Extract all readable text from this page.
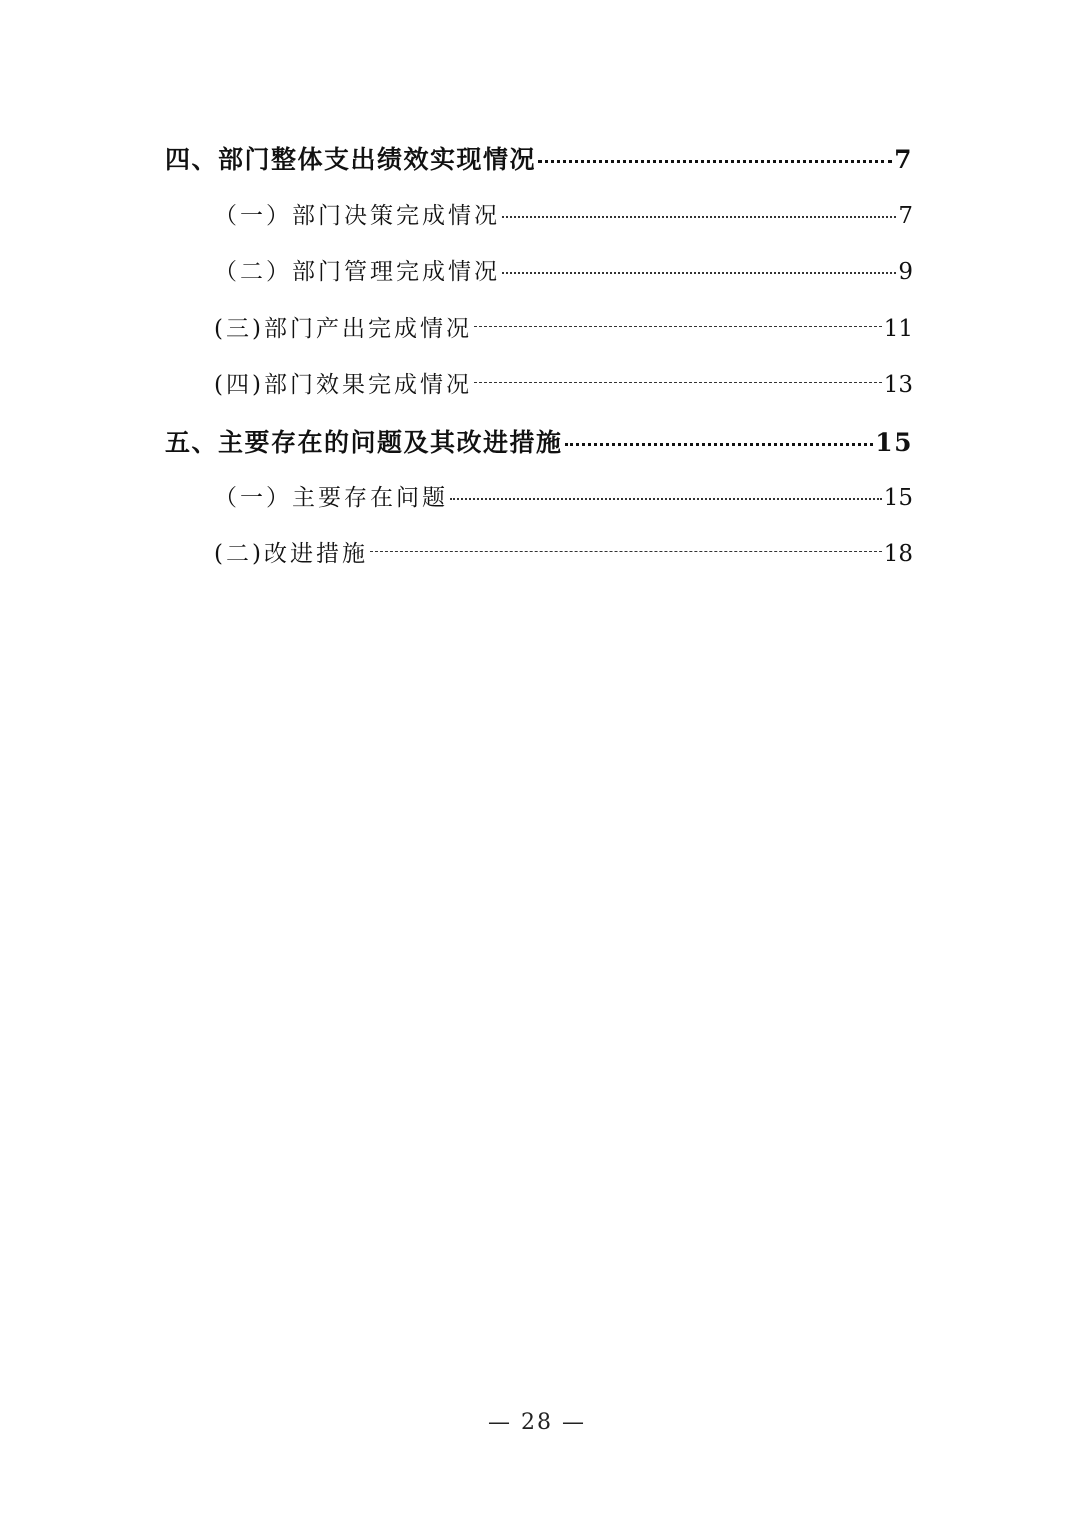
四、部门整体支出绩效实现情况	7
（一）部门决策完成情况	7
（二）部门管理完成情况	9
(三)部门产出完成情况	11
(四)部门效果完成情况	13
五、主要存在的问题及其改进措施	15
（一）主要存在问题	15
(二)改进措施	18
— 28 —
